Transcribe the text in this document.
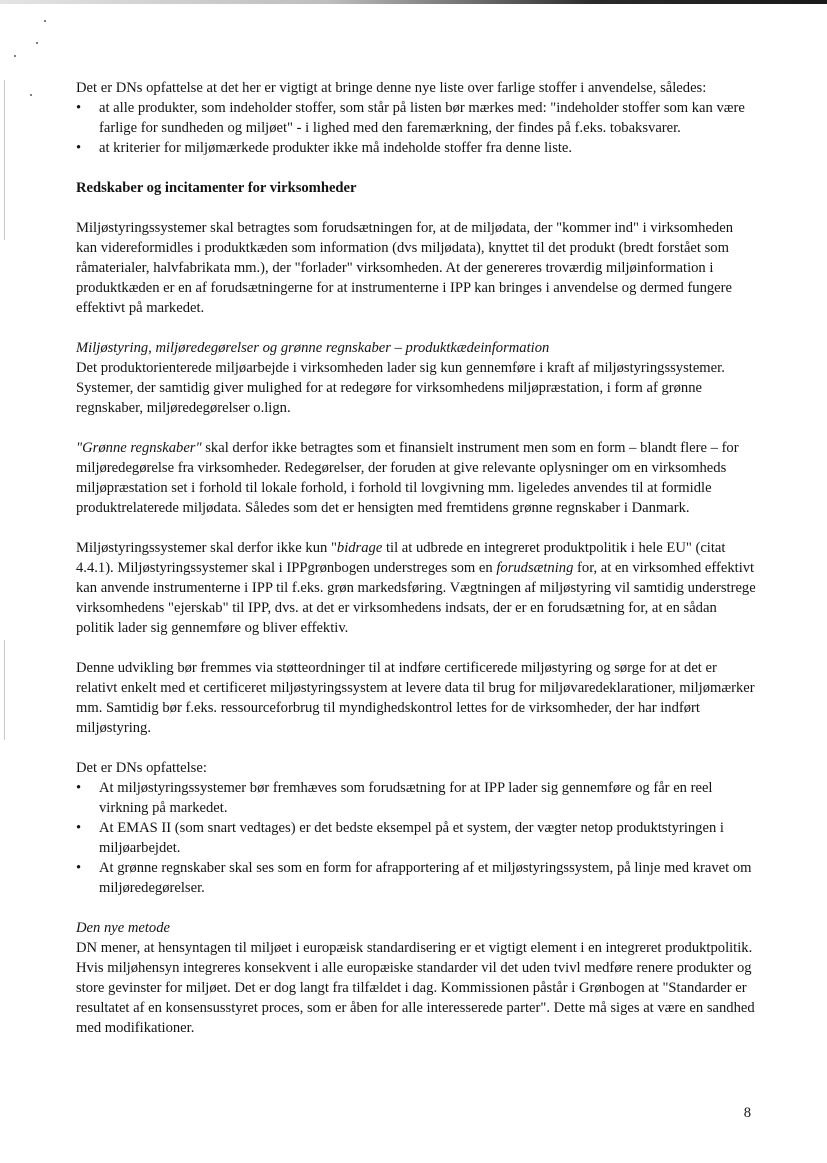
Det er DNs opfattelse at det her er vigtigt at bringe denne nye liste over farlige stoffer i anvendelse, således:

• at alle produkter, som indeholder stoffer, som står på listen bør mærkes med: "indeholder stoffer som kan være farlige for sundheden og miljøet" - i lighed med den faremærkning, der findes på f.eks. tobaksvarer.
• at kriterier for miljømærkede produkter ikke må indeholde stoffer fra denne liste.
Redskaber og incitamenter for virksomheder

Miljøstyringssystemer skal betragtes som forudsætningen for, at de miljødata, der "kommer ind" i virksomheden kan videreformidles i produktkæden som information (dvs miljødata), knyttet til det produkt (bredt forstået som råmaterialer, halvfabrikata mm.), der "forlader" virksomheden. At der genereres troværdig miljøinformation i produktkæden er en af forudsætningerne for at instrumenterne i IPP kan bringes i anvendelse og dermed fungere effektivt på markedet.

Miljøstyring, miljøredegørelser og grønne regnskaber – produktkædeinformation
Det produktorienterede miljøarbejde i virksomheden lader sig kun gennemføre i kraft af miljøstyringssystemer. Systemer, der samtidig giver mulighed for at redegøre for virksomhedens miljøpræstation, i form af grønne regnskaber, miljøredegørelser o.lign.

"Grønne regnskaber" skal derfor ikke betragtes som et finansielt instrument men som en form – blandt flere – for miljøredegørelse fra virksomheder. Redegørelser, der foruden at give relevante oplysninger om en virksomheds miljøpræstation set i forhold til lokale forhold, i forhold til lovgivning mm. ligeledes anvendes til at formidle produktrelaterede miljødata. Således som det er hensigten med fremtidens grønne regnskaber i Danmark.

Miljøstyringssystemer skal derfor ikke kun "bidrage til at udbrede en integreret produktpolitik i hele EU" (citat 4.4.1). Miljøstyringssystemer skal i IPPgrønbogen understreges som en forudsætning for, at en virksomhed effektivt kan anvende instrumenterne i IPP til f.eks. grøn markedsføring. Vægtningen af miljøstyring vil samtidig understrege virksomhedens "ejerskab" til IPP, dvs. at det er virksomhedens indsats, der er en forudsætning for, at en sådan politik lader sig gennemføre og bliver effektiv.

Denne udvikling bør fremmes via støtteordninger til at indføre certificerede miljøstyring og sørge for at det er relativt enkelt med et certificeret miljøstyringssystem at levere data til brug for miljøvaredeklarationer, miljømærker mm. Samtidig bør f.eks. ressourceforbrug til myndighedskontrol lettes for de virksomheder, der har indført miljøstyring.

Det er DNs opfattelse:

• At miljøstyringssystemer bør fremhæves som forudsætning for at IPP lader sig gennemføre og får en reel virkning på markedet.
• At EMAS II (som snart vedtages) er det bedste eksempel på et system, der vægter netop produktstyringen i miljøarbejdet.
• At grønne regnskaber skal ses som en form for afrapportering af et miljøstyringssystem, på linje med kravet om miljøredegørelser.

Den nye metode
DN mener, at hensyntagen til miljøet i europæisk standardisering er et vigtigt element i en integreret produktpolitik. Hvis miljøhensyn integreres konsekvent i alle europæiske standarder vil det uden tvivl medføre renere produkter og store gevinster for miljøet. Det er dog langt fra tilfældet i dag. Kommissionen påstår i Grønbogen at "Standarder er resultatet af en konsensusstyret proces, som er åben for alle interesserede parter". Dette må siges at være en sandhed med modifikationer.

8
